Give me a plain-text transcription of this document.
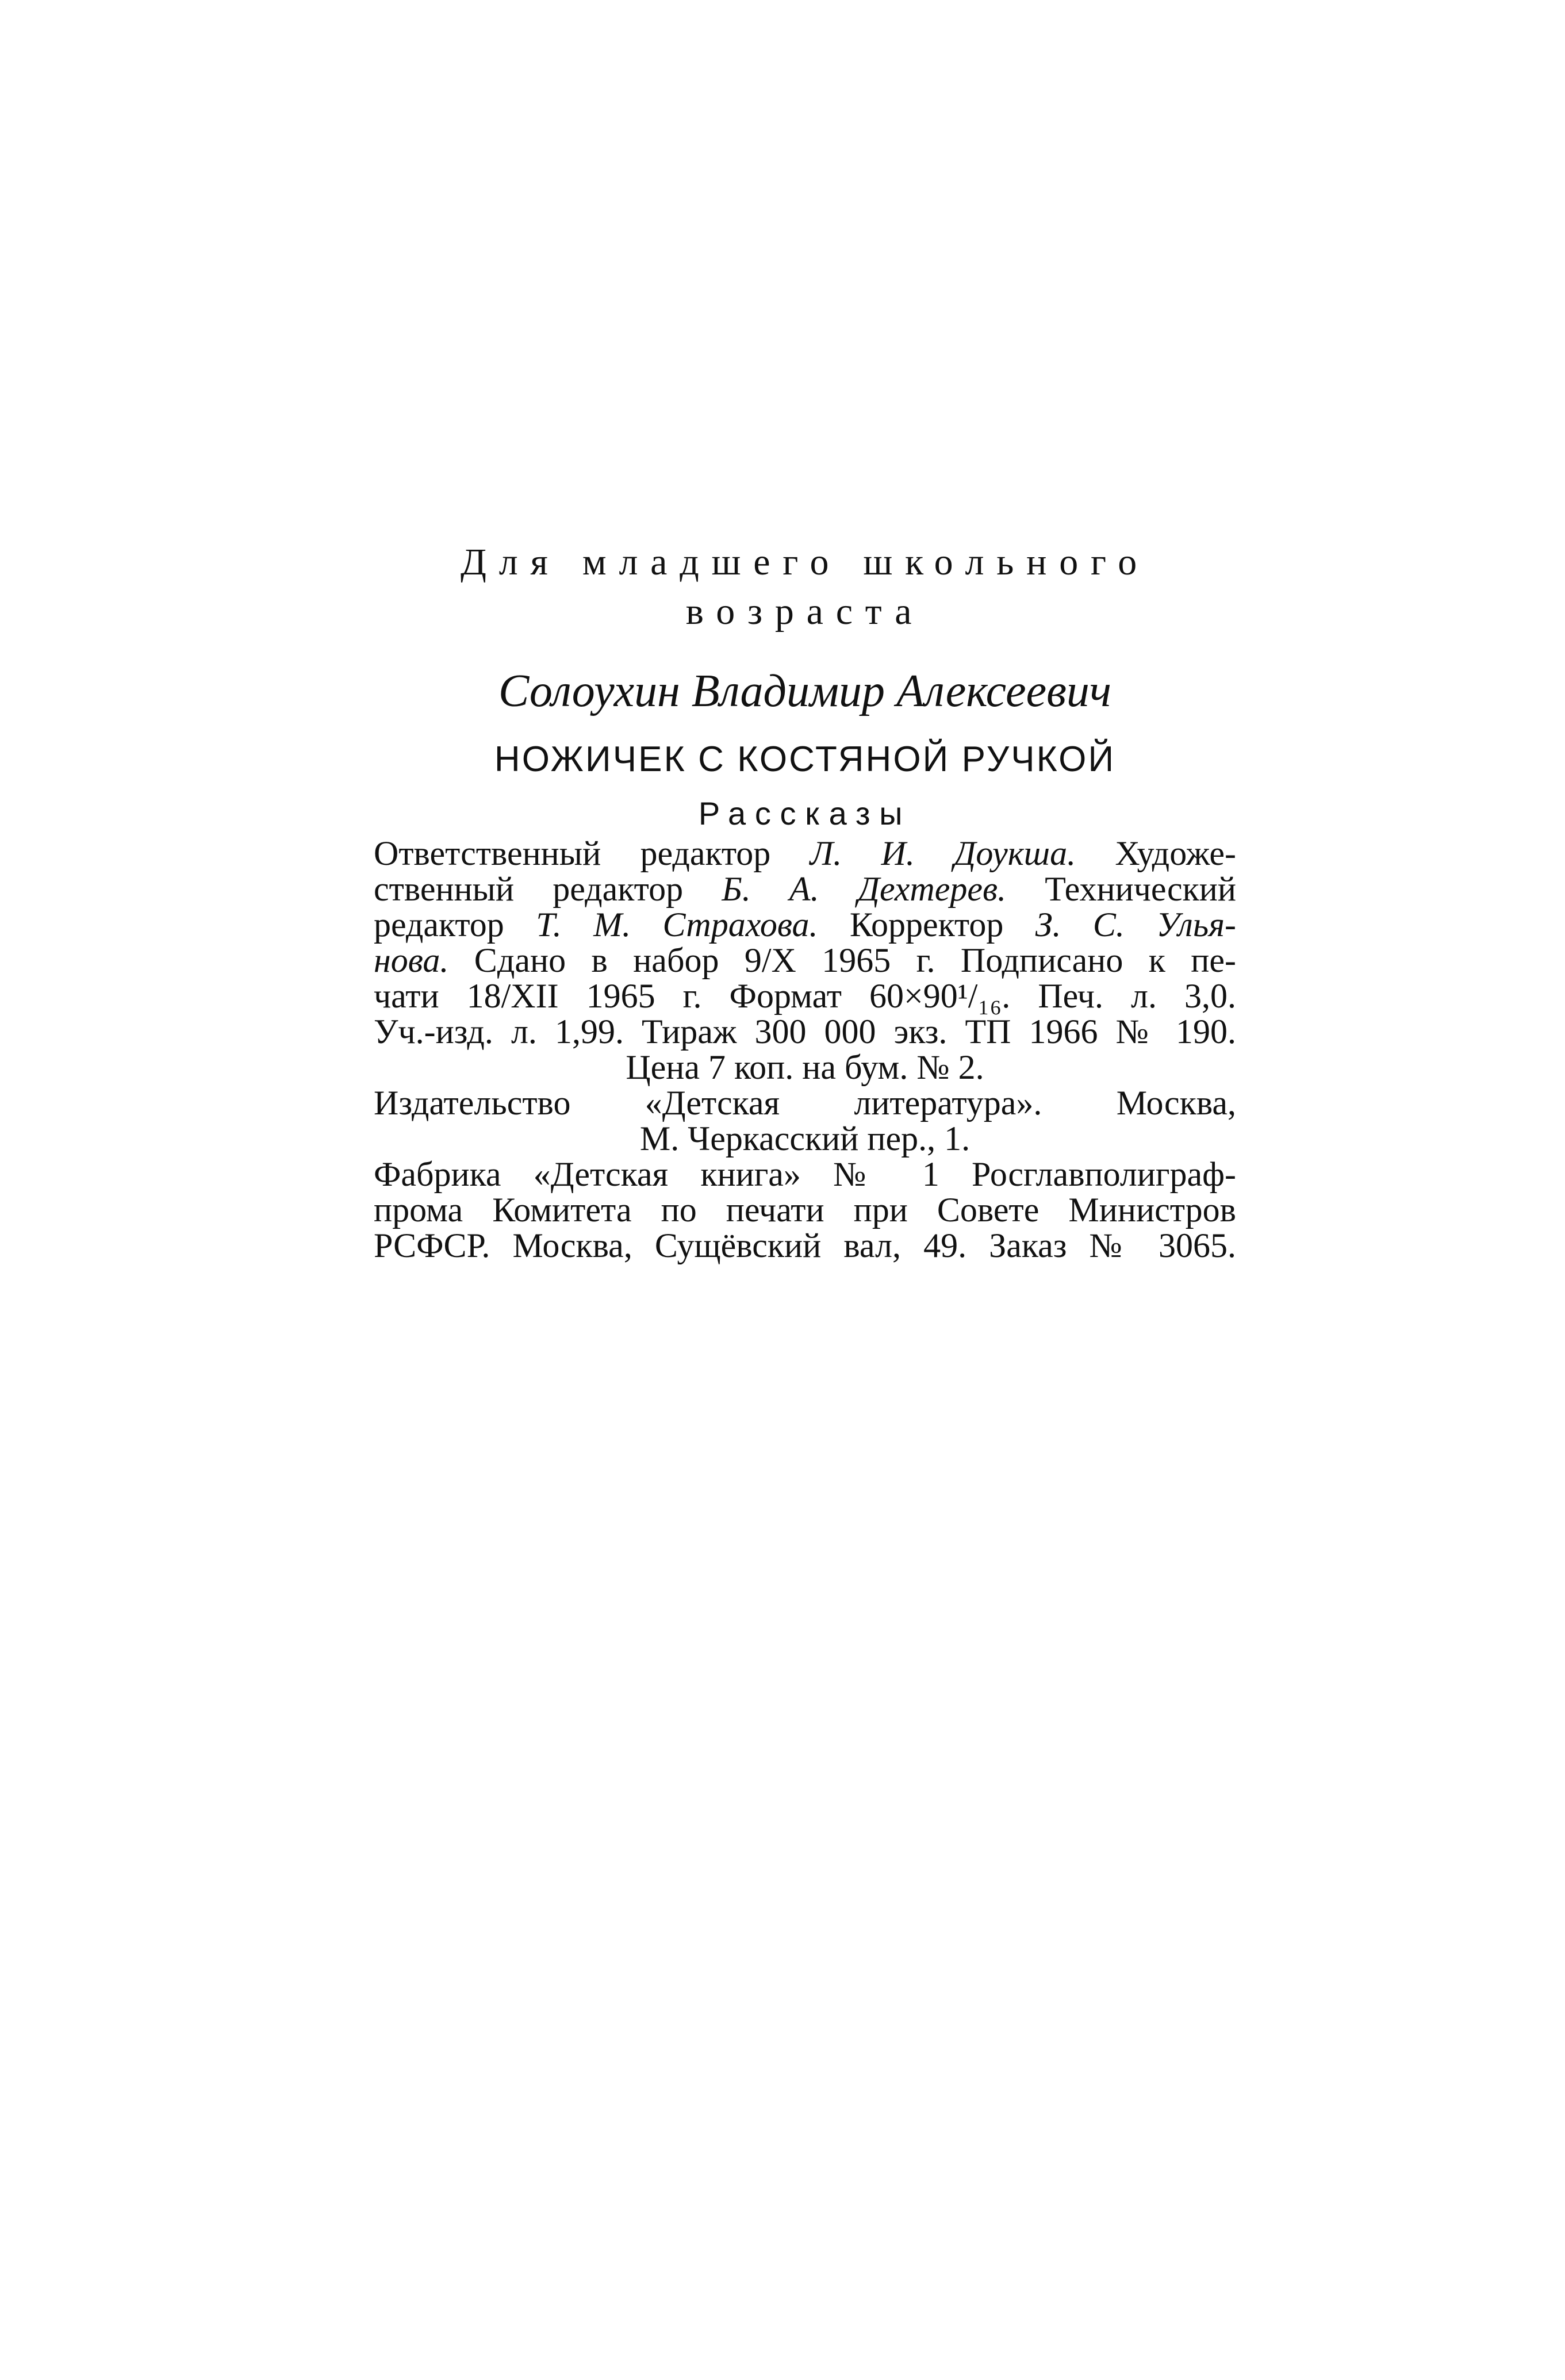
Для младшего школьного

возраста

Солоухин Владимир Алексеевич

НОЖИЧЕК С КОСТЯНОЙ РУЧКОЙ

Рассказы

Ответственный редактор Л. И. Доукша. Художе-
ственный редактор Б. А. Дехтерев. Технический
редактор Т. М. Страхова. Корректор З. С. Улья-
нова. Сдано в набор 9/X 1965 г. Подписано к пе-
чати 18/XII 1965 г. Формат 60×90¹/₁₆. Печ. л. 3,0.
Уч.-изд. л. 1,99. Тираж 300 000 экз. ТП 1966 № 190.
Цена 7 коп. на бум. № 2.
Издательство «Детская литература». Москва,
М. Черкасский пер., 1.
Фабрика «Детская книга» № 1 Росглавполиграф-
прома Комитета по печати при Совете Министров
РСФСР. Москва, Сущёвский вал, 49. Заказ № 3065.
